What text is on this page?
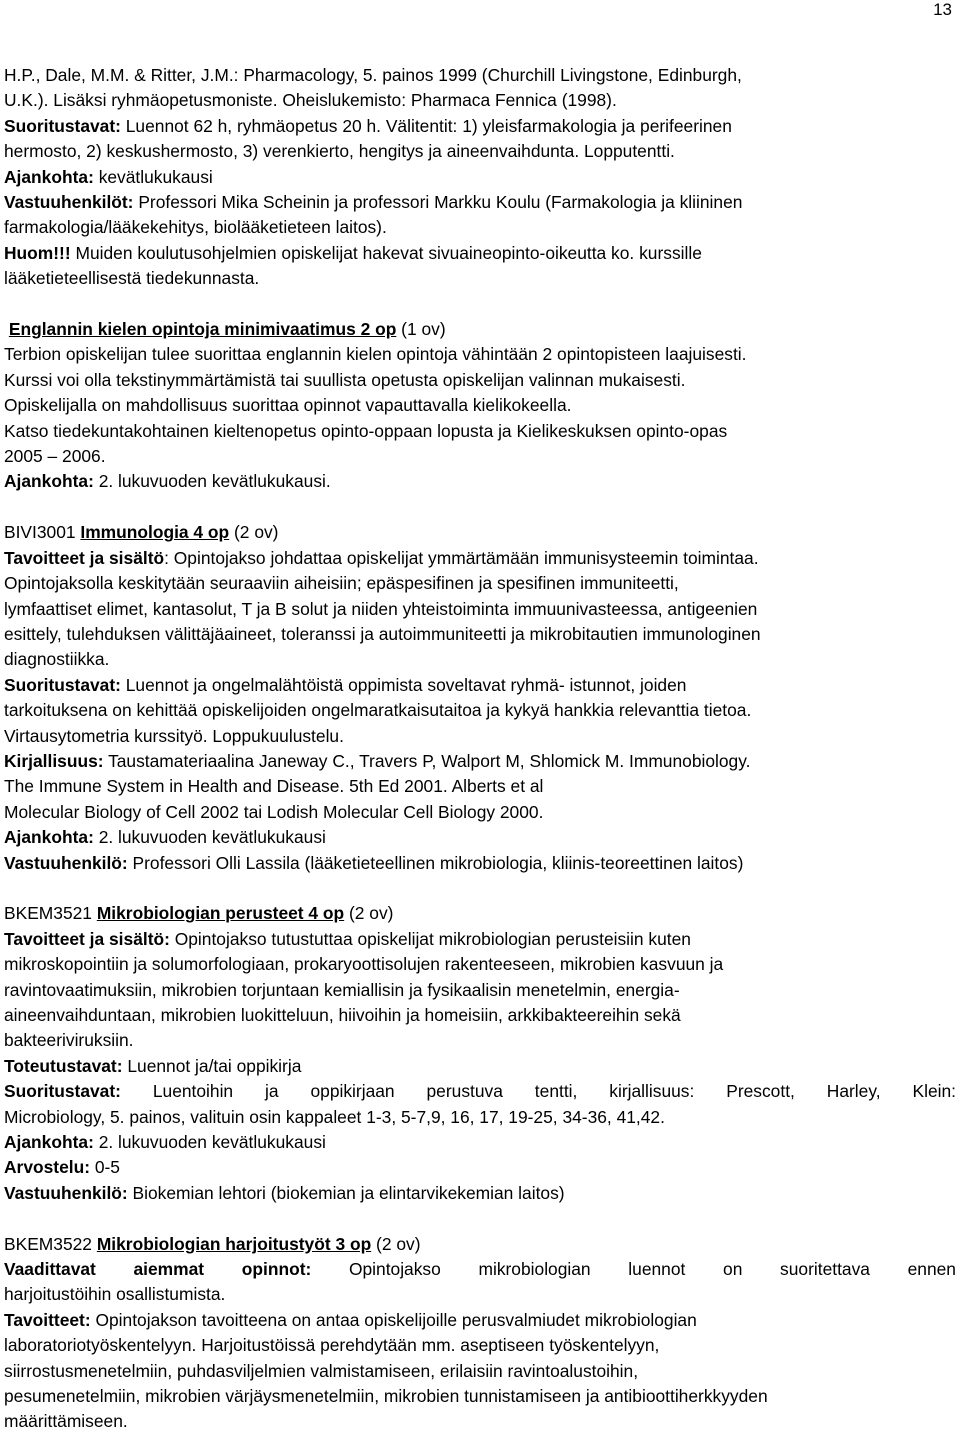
13
H.P., Dale, M.M. & Ritter, J.M.: Pharmacology, 5. painos 1999 (Churchill Livingstone, Edinburgh,
U.K.). Lisäksi ryhmäopetusmoniste. Oheislukemisto: Pharmaca Fennica (1998).
Suoritustavat: Luennot 62 h, ryhmäopetus 20 h. Välitentit: 1) yleisfarmakologia ja perifeerinen
hermosto, 2) keskushermosto, 3) verenkierto, hengitys ja aineenvaihdunta. Lopputentti.
Ajankohta: kevätlukukausi
Vastuuhenkilöt: Professori Mika Scheinin ja professori Markku Koulu (Farmakologia ja kliininen
farmakologia/lääkekehitys, biolääketieteen laitos).
Huom!!! Muiden koulutusohjelmien opiskelijat hakevat sivuaineopinto-oikeutta ko. kurssille
lääketieteellisestä tiedekunnasta.
Englannin kielen opintoja minimivaatimus 2 op (1 ov)
Terbion opiskelijan tulee suorittaa englannin kielen opintoja vähintään 2 opintopisteen laajuisesti.
Kurssi voi olla tekstinymmärtämistä tai suullista opetusta opiskelijan valinnan mukaisesti.
Opiskelijalla on mahdollisuus suorittaa opinnot vapauttavalla kielikokeella.
Katso tiedekuntakohtainen kieltenopetus opinto-oppaan lopusta ja Kielikeskuksen opinto-opas
2005 – 2006.
Ajankohta: 2. lukuvuoden kevätlukukausi.
BIVI3001 Immunologia 4 op (2 ov)
Tavoitteet ja sisältö: Opintojakso johdattaa opiskelijat ymmärtämään immunisysteemin toimintaa.
Opintojaksolla keskitytään seuraaviin aiheisiin; epäspesifinen ja spesifinen immuniteetti,
lymfaattiset elimet, kantasolut, T ja B solut ja niiden yhteistoiminta immuunivasteessa, antigeenien
esittely, tulehduksen välittäjäaineet, toleranssi ja autoimmuniteetti ja mikrobitautien immunologinen
diagnostiikka.
Suoritustavat: Luennot ja ongelmalähtöistä oppimista soveltavat ryhmä- istunnot, joiden
tarkoituksena on kehittää opiskelijoiden ongelmaratkaisutaitoa ja kykyä hankkia relevanttia tietoa.
Virtausytometria kurssityö. Loppukuulustelu.
Kirjallisuus: Taustamateriaalina Janeway C., Travers P, Walport M, Shlomick M. Immunobiology.
The Immune System in Health and Disease. 5th Ed 2001. Alberts et al
Molecular Biology of Cell 2002 tai Lodish Molecular Cell Biology 2000.
Ajankohta: 2. lukuvuoden kevätlukukausi
Vastuuhenkilö: Professori Olli Lassila (lääketieteellinen mikrobiologia, kliinis-teoreettinen laitos)
BKEM3521 Mikrobiologian perusteet 4 op (2 ov)
Tavoitteet ja sisältö: Opintojakso tutustuttaa opiskelijat mikrobiologian perusteisiin kuten
mikroskopointiin ja solumorfologiaan, prokaryoottisolujen rakenteeseen, mikrobien kasvuun ja
ravintovaatimuksiin, mikrobien torjuntaan kemiallisin ja fysikaalisin menetelmin, energia-
aineenvaihduntaan, mikrobien luokitteluun, hiivoihin ja homeisiin, arkkibakteereihin sekä
bakteeriviruksiin.
Toteutustavat: Luennot ja/tai oppikirja
Suoritustavat: Luentoihin ja oppikirjaan perustuva tentti, kirjallisuus: Prescott, Harley, Klein:
Microbiology, 5. painos, valituin osin kappaleet 1-3, 5-7,9, 16, 17, 19-25, 34-36, 41,42.
Ajankohta: 2. lukuvuoden kevätlukukausi
Arvostelu: 0-5
Vastuuhenkilö: Biokemian lehtori (biokemian ja elintarvikekemian laitos)
BKEM3522 Mikrobiologian harjoitustyöt 3 op (2 ov)
Vaadittavat aiemmat opinnot: Opintojakso mikrobiologian luennot on suoritettava ennen
harjoitustöihin osallistumista.
Tavoitteet: Opintojakson tavoitteena on antaa opiskelijoille perusvalmiudet mikrobiologian
laboratoriotyöskentelyyn. Harjoitustöissä perehdytään mm. aseptiseen työskentelyyn,
siirrostusmenetelmiin, puhdasviljelmien valmistamiseen, erilaisiin ravintoalustoihin,
pesumenetelmiin, mikrobien värjäysmenetelmiin, mikrobien tunnistamiseen ja antibioottiherkkyyden
määrittämiseen.
